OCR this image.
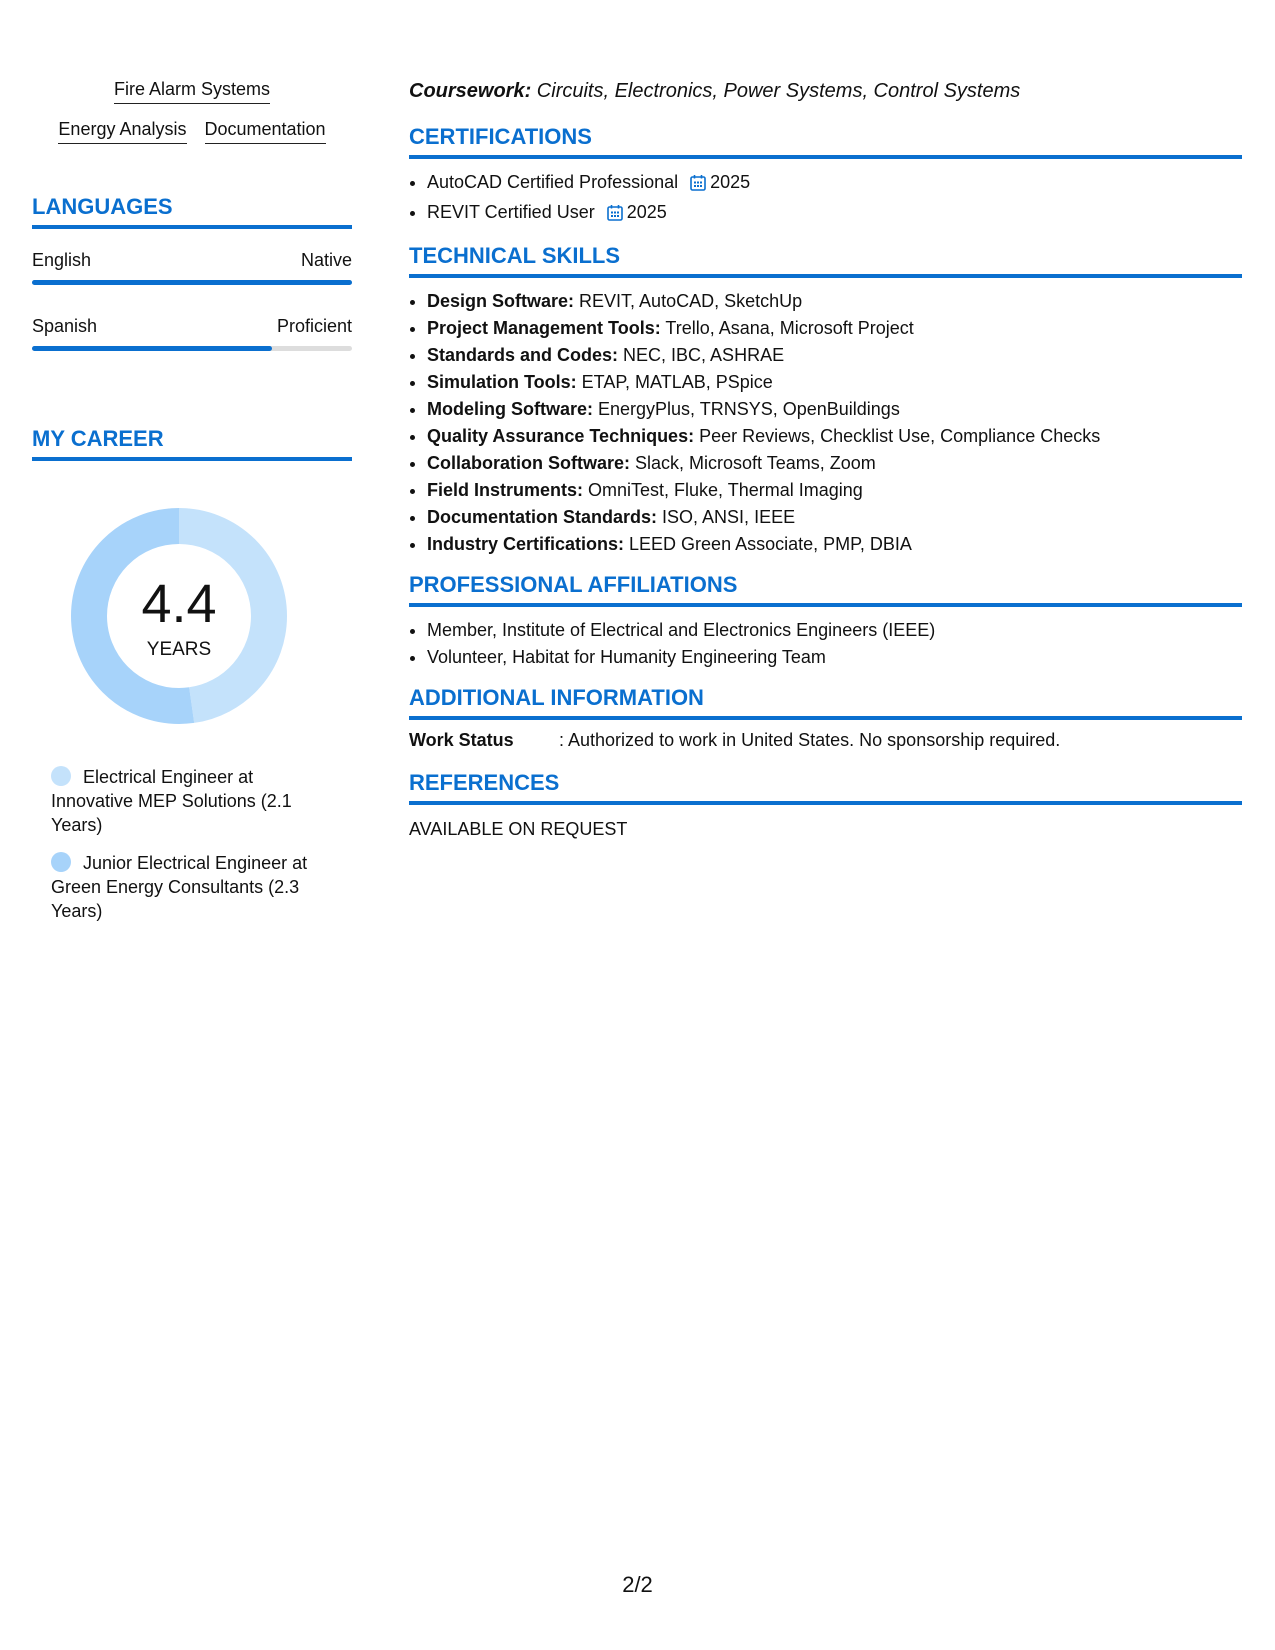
Fire Alarm Systems
Energy Analysis Documentation
LANGUAGES
English	Native
Spanish	Proficient
MY CAREER
4.4
YEARS
Electrical Engineer at Innovative MEP Solutions (2.1 Years)
Junior Electrical Engineer at Green Energy Consultants (2.3 Years)
Coursework: Circuits, Electronics, Power Systems, Control Systems
CERTIFICATIONS
• AutoCAD Certified Professional 2025
• REVIT Certified User 2025
TECHNICAL SKILLS
• Design Software: REVIT, AutoCAD, SketchUp
• Project Management Tools: Trello, Asana, Microsoft Project
• Standards and Codes: NEC, IBC, ASHRAE
• Simulation Tools: ETAP, MATLAB, PSpice
• Modeling Software: EnergyPlus, TRNSYS, OpenBuildings
• Quality Assurance Techniques: Peer Reviews, Checklist Use, Compliance Checks
• Collaboration Software: Slack, Microsoft Teams, Zoom
• Field Instruments: OmniTest, Fluke, Thermal Imaging
• Documentation Standards: ISO, ANSI, IEEE
• Industry Certifications: LEED Green Associate, PMP, DBIA
PROFESSIONAL AFFILIATIONS
• Member, Institute of Electrical and Electronics Engineers (IEEE)
• Volunteer, Habitat for Humanity Engineering Team
ADDITIONAL INFORMATION
Work Status	: Authorized to work in United States. No sponsorship required.
REFERENCES
AVAILABLE ON REQUEST
2/2
